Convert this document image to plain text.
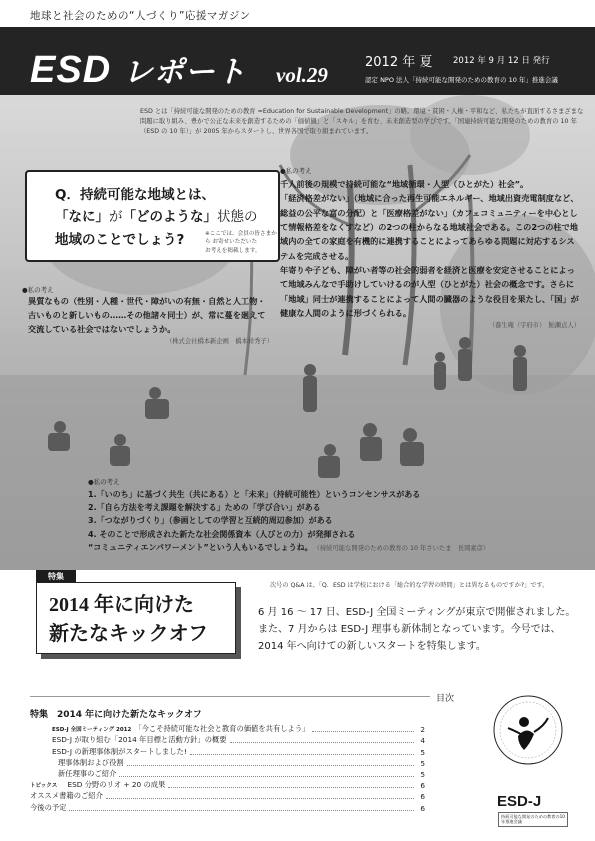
地球と社会のための“人づくり”応援マガジン
ESD レポート vol.29
2012 年 夏 2012 年 9 月 12 日 発行
認定 NPO 法人「持続可能な開発のための教育の 10 年」推進会議
ESD とは「持続可能な開発のための教育 =Education for Sustainable Development」の略。環境・貧困・人権・平和など、私たちが直面するさまざまな問題に取り組み、豊かで公正な未来を創造するための「価値観」と「スキル」を育む、未来創造型の学びです。「国連持続可能な開発のための教育の 10 年（ESD の 10 年）」が 2005 年からスタートし、世界各国で取り組まれています。
Q．持続可能な地域とは、
「なに」が「どのような」状態の
地域のことでしょう?	※ここでは、会員の皆さまから お寄せいただいた
お考えを掲載します。
●私の考え
千人前後の規模で持続可能な“地域循環・人型（ひとがた）社会”。
「経済格差がない」（地域に合った再生可能エネルギー、地域出資売電制度など、総益の公平な富の分配）と「医療格差がない」（カフェコミュニティーを中心として情報格差をなくすなど）の2つの柱からなる地域社会である。この2つの柱で地域内の全ての家庭を有機的に連携することによってあらゆる問題に対応するシステムを完成させる。
年寄りや子ども、障がい者等の社会的弱者を経済と医療を安定させることによって地域みんなで手助けしていけるのが人型（ひとがた）社会の概念です。さらに「地域」同士が連携することによって人間の臓器のような役目を果たし、「国」が健康な人間のように形づくられる。
（養生庵（宇府市）　鮎瀬貞人）
●私の考え
異質なもの（性別・人種・世代・障がいの有無・自然と人工物・古いものと新しいもの……その他諸々同士）が、常に蔓を廻えて交流している社会ではないでしょうか。
（株式会社橋本新企画　橋本祥秀子）
●私の考え
1.「いのち」に基づく共生（共にある）と「未来」（持続可能性）というコンセンサスがある
2.「自ら方法を考え課題を解決する」ための「学び合い」がある
3.「つながりづくり」（参画としての学習と互続的周辺参加）がある
4. そのことで形成された新たな社会関係資本（人びとの力）が発揮される
“コミュニティエンパワーメント”という人もいるでしょうね。　 （持続可能な開発のための教育の 10 年さいたま　長岡素彦）
次号の Q&A は、「Q．ESD は学校における「総合的な学習の時間」とは異なるものですか?」です。
特集
2014 年に向けた
新たなキックオフ
6 月 16 ～ 17 日、ESD-J 全国ミーティングが東京で開催されました。また、7 月からは ESD-J 理事も新体制となっています。今号では、2014 年へ向けての新しいスタートを特集します。
目次
特集　2014 年に向けた新たなキックオフ
ESD-J 全国ミーティング 2012 「今こそ持続可能な社会と教育の価値を共有しよう」	2
ESD-J が取り組む「2014 年目標と活動方針」の概要	4
ESD-J の新理事体制がスタートしました!	5
理事体制および役割	5
新任理事のご紹介	5
トピックス　 ESD 分野のリオ + 20 の成果	6
オススメ書籍のご紹介	6
今後の予定	6	ESD-J
持続可能な開発のための教育の10年推進会議
